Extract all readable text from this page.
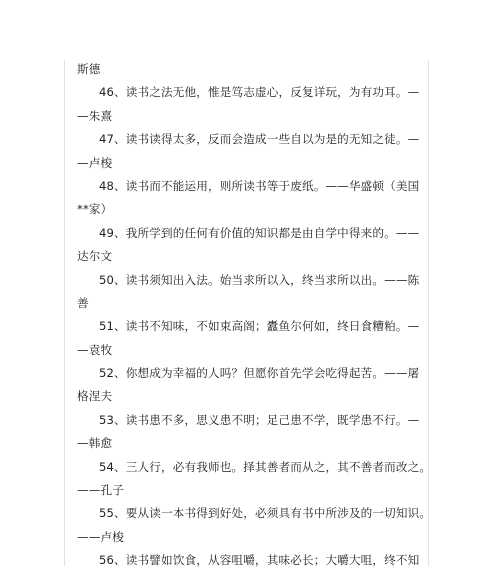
斯德
46、读书之法无他，惟是笃志虚心，反复详玩，为有功耳。—
—朱熹
47、读书读得太多，反而会造成一些自以为是的无知之徒。—
—卢梭
48、读书而不能运用，则所读书等于废纸。——华盛顿（美国
**家）
49、我所学到的任何有价值的知识都是由自学中得来的。——
达尔文
50、读书须知出入法。始当求所以入，终当求所以出。——陈
善
51、读书不知味，不如束高阁；蠹鱼尔何如，终日食糟粕。—
—袁牧
52、你想成为幸福的人吗？但愿你首先学会吃得起苦。——屠
格涅夫
53、读书患不多，思义患不明；足己患不学，既学患不行。—
—韩愈
54、三人行，必有我师也。择其善者而从之，其不善者而改之。
——孔子
55、要从读一本书得到好处，必须具有书中所涉及的一切知识。
——卢梭
56、读书譬如饮食，从容咀嚼，其味必长；大嚼大咀，终不知
